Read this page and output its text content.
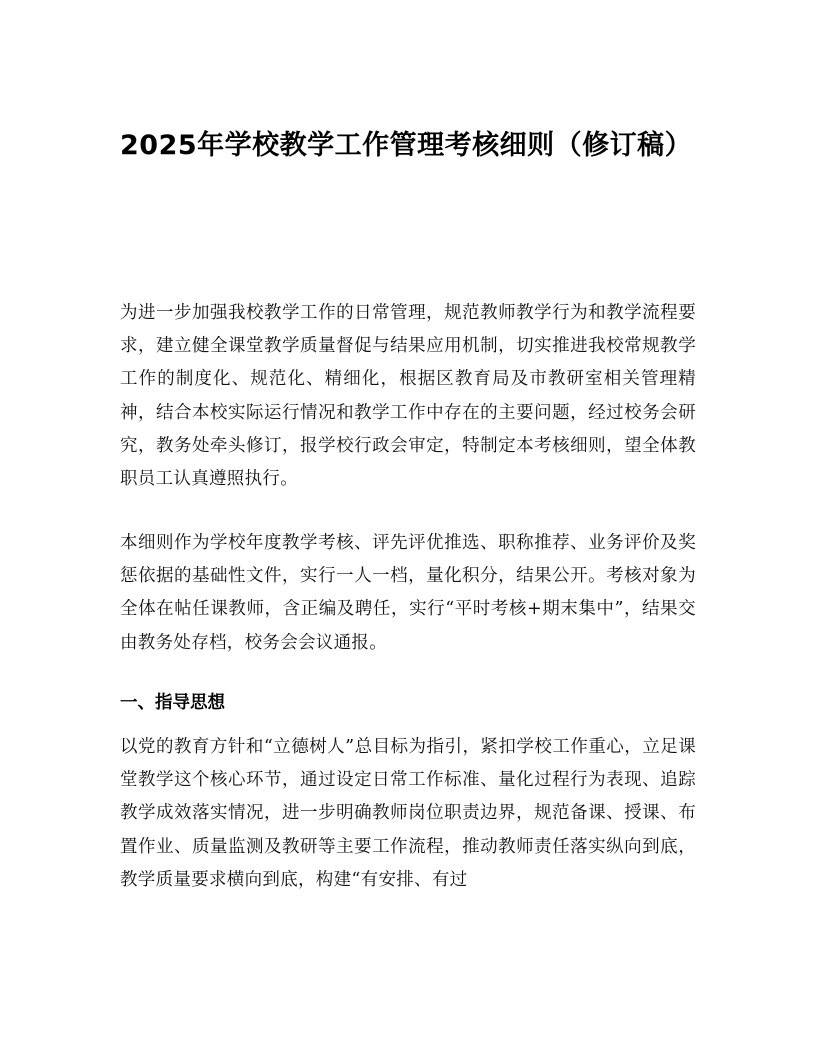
2025年学校教学工作管理考核细则（修订稿）

为进一步加强我校教学工作的日常管理，规范教师教学行为和教学流程要求，建立健全课堂教学质量督促与结果应用机制，切实推进我校常规教学工作的制度化、规范化、精细化，根据区教育局及市教研室相关管理精神，结合本校实际运行情况和教学工作中存在的主要问题，经过校务会研究，教务处牵头修订，报学校行政会审定，特制定本考核细则，望全体教职员工认真遵照执行。

本细则作为学校年度教学考核、评先评优推选、职称推荐、业务评价及奖惩依据的基础性文件，实行一人一档，量化积分，结果公开。考核对象为全体在帖任课教师，含正编及聘任，实行“平时考核+期末集中”，结果交由教务处存档，校务会会议通报。

一、指导思想

以党的教育方针和“立德树人”总目标为指引，紧扣学校工作重心，立足课堂教学这个核心环节，通过设定日常工作标准、量化过程行为表现、追踪教学成效落实情况，进一步明确教师岗位职责边界，规范备课、授课、布置作业、质量监测及教研等主要工作流程，推动教师责任落实纵向到底，教学质量要求横向到底，构建“有安排、有过
